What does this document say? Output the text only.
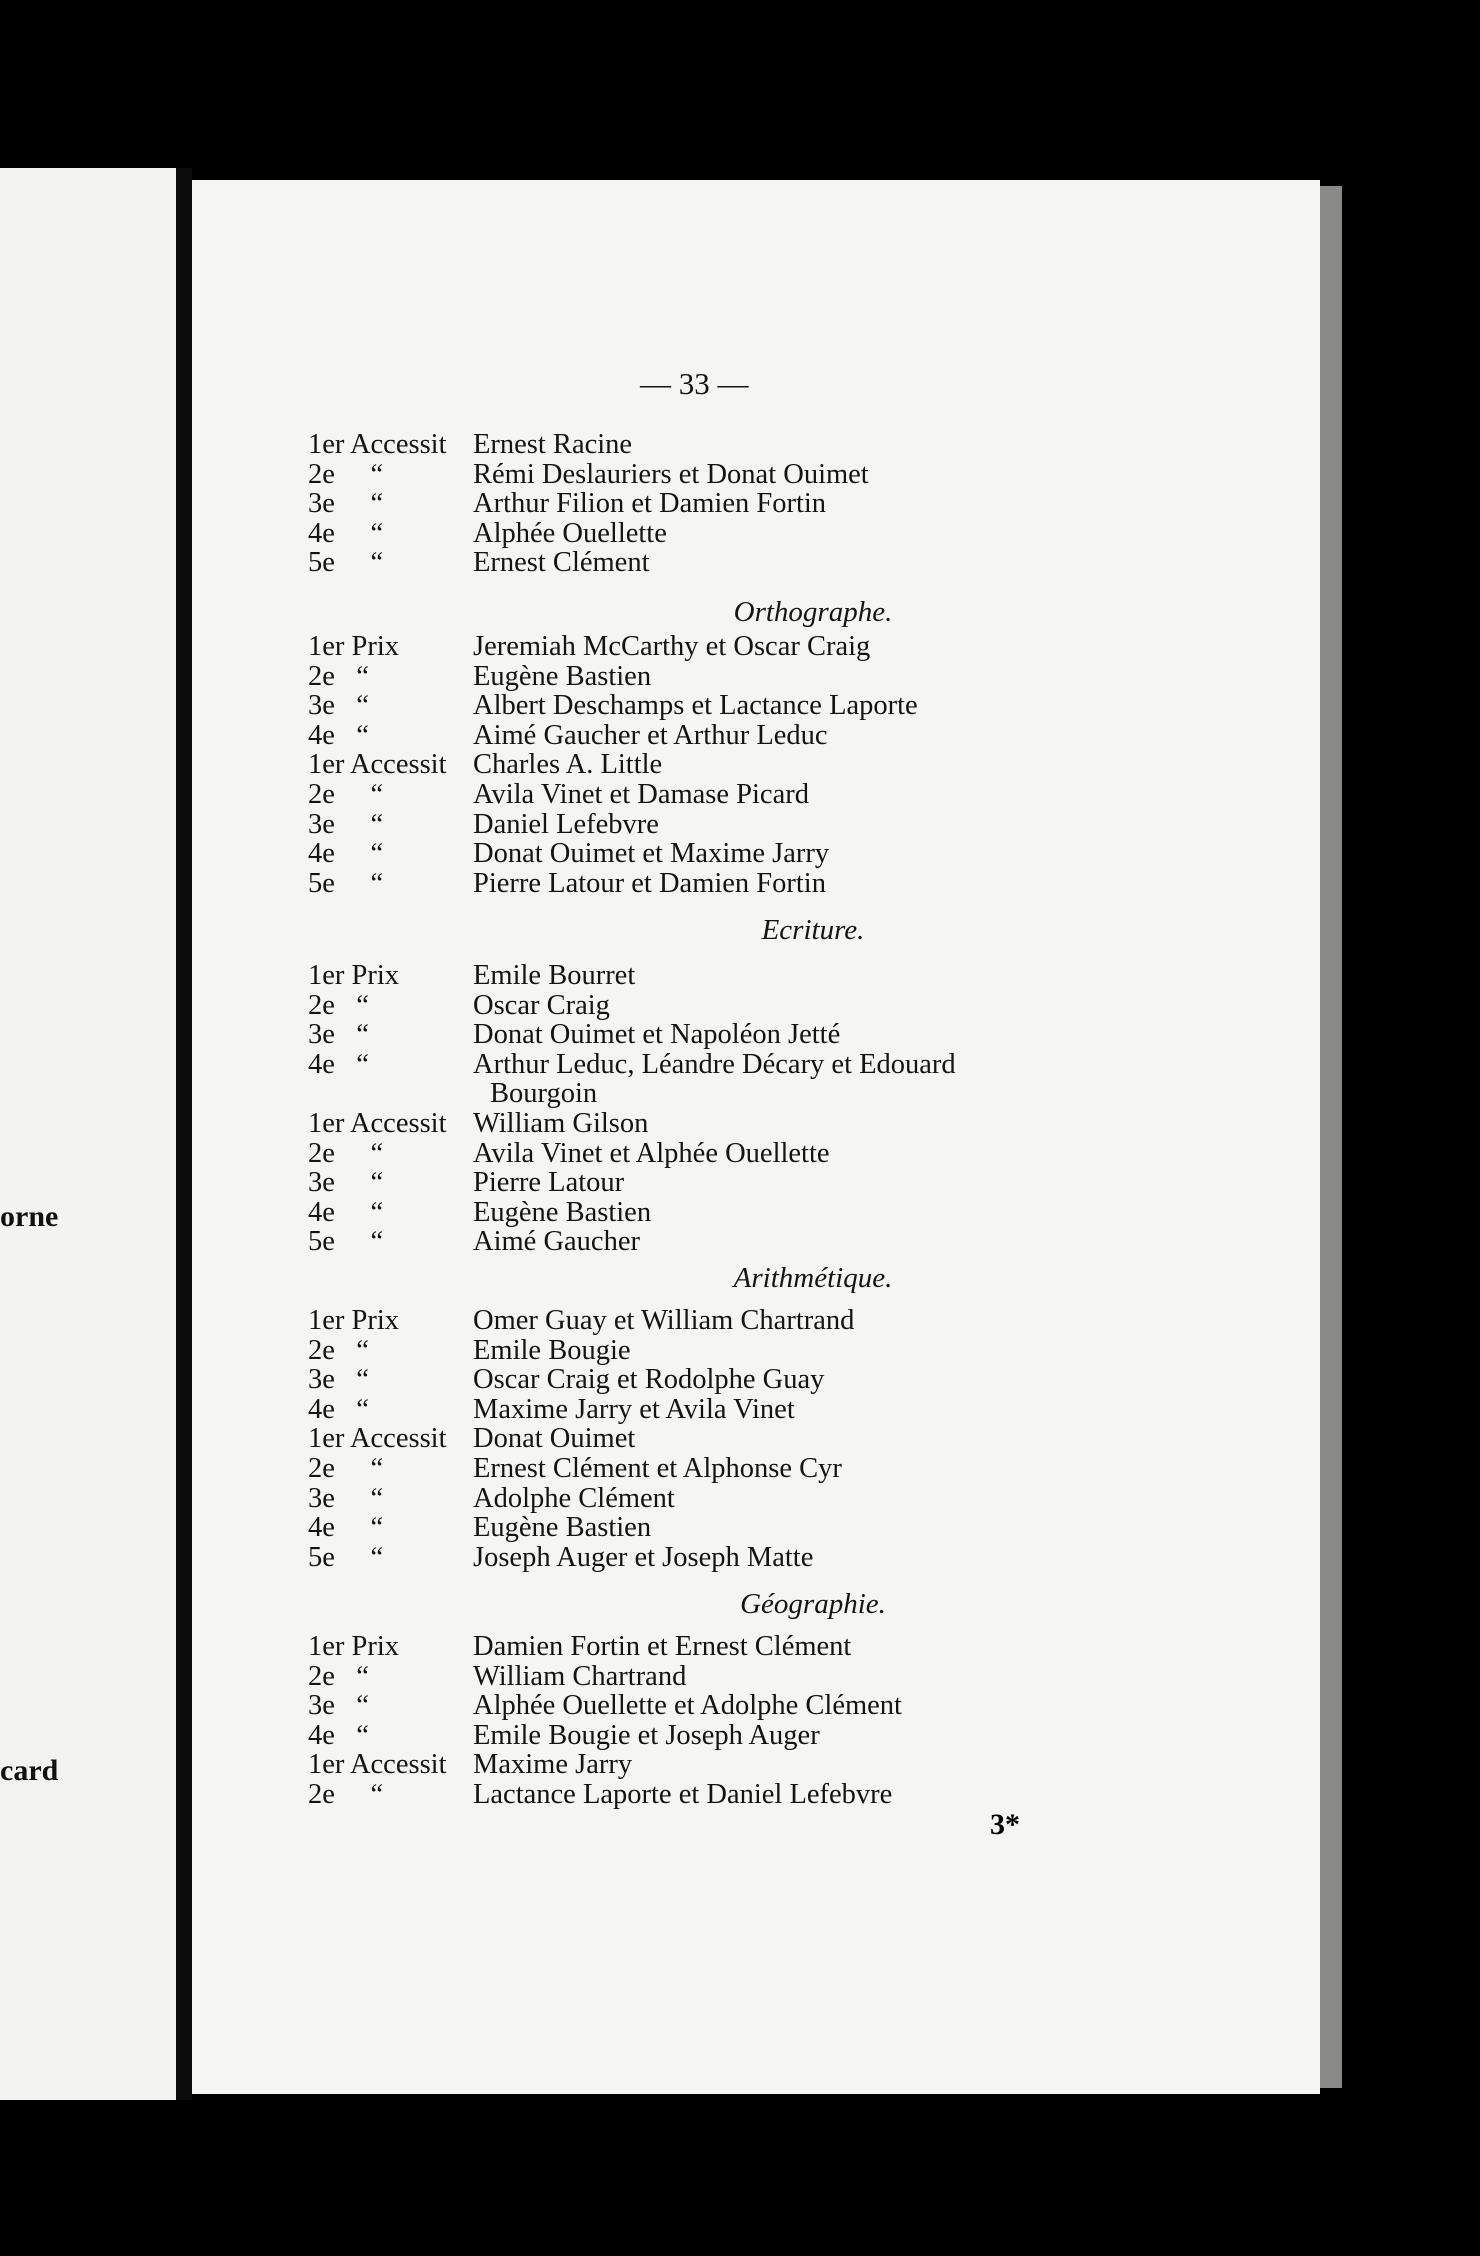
orne
card
— 33 —
1er Accessit Ernest Racine
2e     “	Rémi Deslauriers et Donat Ouimet
3e     “	Arthur Filion et Damien Fortin
4e     “	Alphée Ouellette
5e     “	Ernest Clément
Orthographe.
1er Prix	Jeremiah McCarthy et Oscar Craig
2e   “	Eugène Bastien
3e   “	Albert Deschamps et Lactance Laporte
4e   “	Aimé Gaucher et Arthur Leduc
1er Accessit Charles A. Little
2e     “	Avila Vinet et Damase Picard
3e     “	Daniel Lefebvre
4e     “	Donat Ouimet et Maxime Jarry
5e     “	Pierre Latour et Damien Fortin
Ecriture.
1er Prix	Emile Bourret
2e   “	Oscar Craig
3e   “	Donat Ouimet et Napoléon Jetté
4e   “	Arthur Leduc, Léandre Décary et Edouard
Bourgoin
1er Accessit William Gilson
2e     “	Avila Vinet et Alphée Ouellette
3e     “	Pierre Latour
4e     “	Eugène Bastien
5e     “	Aimé Gaucher
Arithmétique.
1er Prix	Omer Guay et William Chartrand
2e   “	Emile Bougie
3e   “	Oscar Craig et Rodolphe Guay
4e   “	Maxime Jarry et Avila Vinet
1er Accessit Donat Ouimet
2e     “	Ernest Clément et Alphonse Cyr
3e     “	Adolphe Clément
4e     “	Eugène Bastien
5e     “	Joseph Auger et Joseph Matte
Géographie.
1er Prix	Damien Fortin et Ernest Clément
2e   “	William Chartrand
3e   “	Alphée Ouellette et Adolphe Clément
4e   “	Emile Bougie et Joseph Auger
1er Accessit Maxime Jarry
2e     “	Lactance Laporte et Daniel Lefebvre
3*
